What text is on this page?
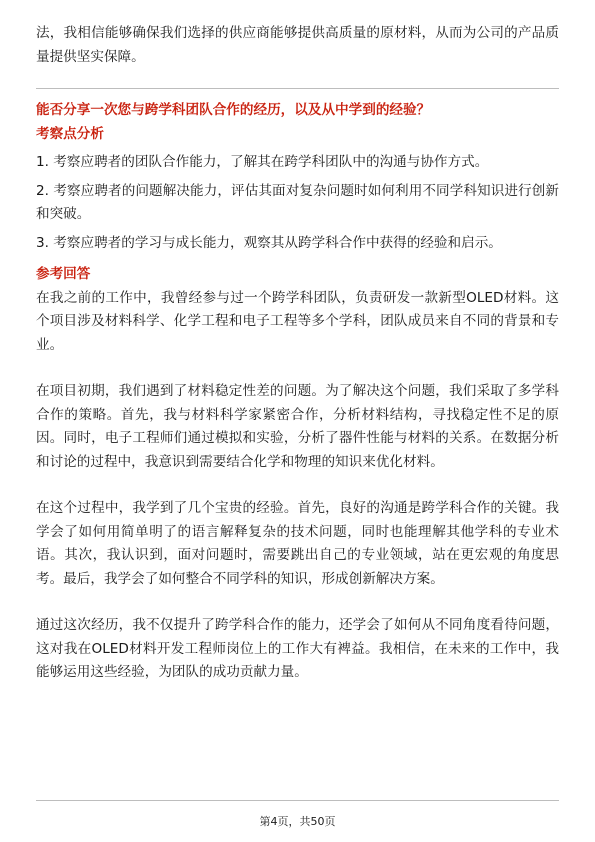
法，我相信能够确保我们选择的供应商能够提供高质量的原材料，从而为公司的产品质量提供坚实保障。

能否分享一次您与跨学科团队合作的经历，以及从中学到的经验？
考察点分析

1. 考察应聘者的团队合作能力，了解其在跨学科团队中的沟通与协作方式。

2. 考察应聘者的问题解决能力，评估其面对复杂问题时如何利用不同学科知识进行创新和突破。

3. 考察应聘者的学习与成长能力，观察其从跨学科合作中获得的经验和启示。

参考回答

在我之前的工作中，我曾经参与过一个跨学科团队，负责研发一款新型OLED材料。这个项目涉及材料科学、化学工程和电子工程等多个学科，团队成员来自不同的背景和专业。

在项目初期，我们遇到了材料稳定性差的问题。为了解决这个问题，我们采取了多学科合作的策略。首先，我与材料科学家紧密合作，分析材料结构，寻找稳定性不足的原因。同时，电子工程师们通过模拟和实验，分析了器件性能与材料的关系。在数据分析和讨论的过程中，我意识到需要结合化学和物理的知识来优化材料。

在这个过程中，我学到了几个宝贵的经验。首先，良好的沟通是跨学科合作的关键。我学会了如何用简单明了的语言解释复杂的技术问题，同时也能理解其他学科的专业术语。其次，我认识到，面对问题时，需要跳出自己的专业领域，站在更宏观的角度思考。最后，我学会了如何整合不同学科的知识，形成创新解决方案。

通过这次经历，我不仅提升了跨学科合作的能力，还学会了如何从不同角度看待问题，这对我在OLED材料开发工程师岗位上的工作大有裨益。我相信，在未来的工作中，我能够运用这些经验，为团队的成功贡献力量。

第4页，共50页
